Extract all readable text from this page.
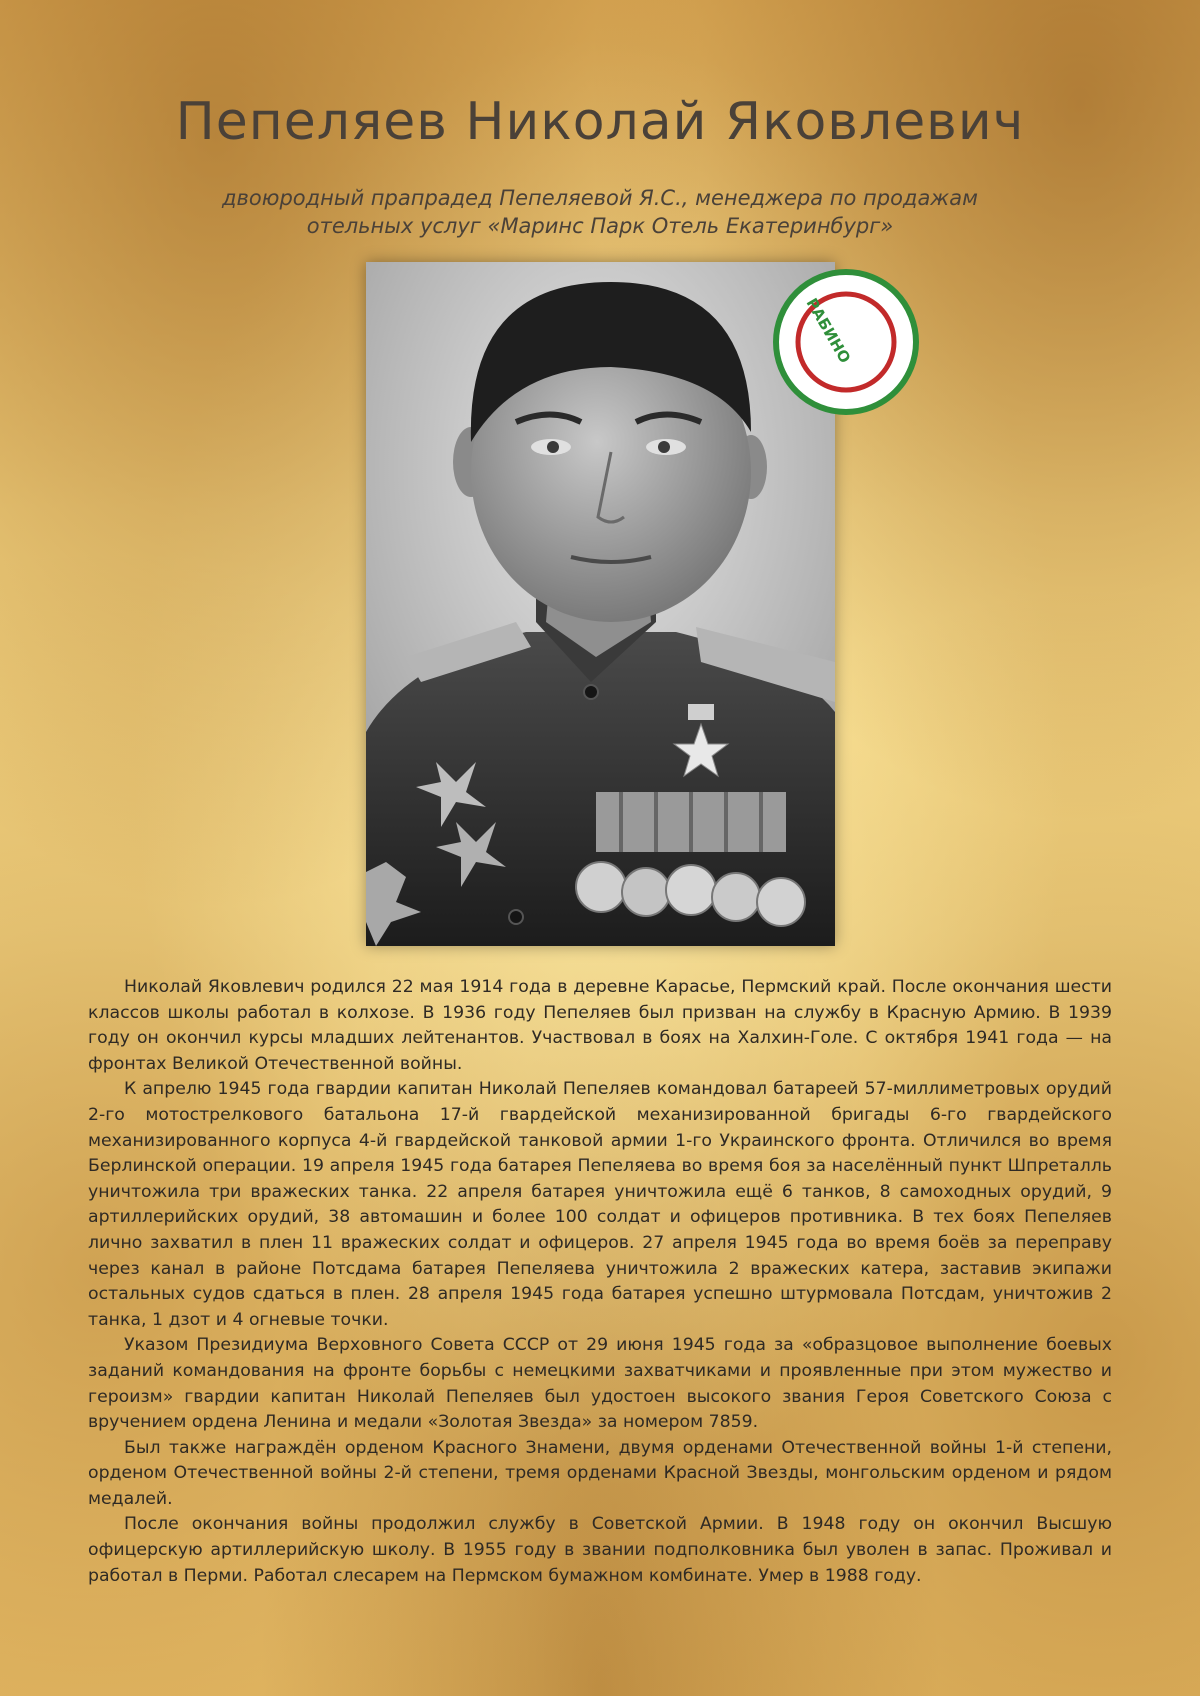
Пепеляев Николай Яковлевич
двоюродный прапрадед Пепеляевой Я.С., менеджера по продажам
отельных услуг «Маринс Парк Отель Екатеринбург»
РАБИНО

Николай Яковлевич родился 22 мая 1914 года в деревне Карасье, Пермский край. После окончания шести классов школы работал в колхозе. В 1936 году Пепеляев был призван на службу в Красную Армию. В 1939 году он окончил курсы младших лейтенантов. Участвовал в боях на Халхин-Голе. С октября 1941 года — на фронтах Великой Отечественной войны.

К апрелю 1945 года гвардии капитан Николай Пепеляев командовал батареей 57-миллиметровых орудий 2-го мотострелкового батальона 17-й гвардейской механизированной бригады 6-го гвардейского механизированного корпуса 4-й гвардейской танковой армии 1-го Украинского фронта. Отличился во время Берлинской операции. 19 апреля 1945 года батарея Пепеляева во время боя за населённый пункт Шпреталль уничтожила три вражеских танка. 22 апреля батарея уничтожила ещё 6 танков, 8 самоходных орудий, 9 артиллерийских орудий, 38 автомашин и более 100 солдат и офицеров противника. В тех боях Пепеляев лично захватил в плен 11 вражеских солдат и офицеров. 27 апреля 1945 года во время боёв за переправу через канал в районе Потсдама батарея Пепеляева уничтожила 2 вражеских катера, заставив экипажи остальных судов сдаться в плен. 28 апреля 1945 года батарея успешно штурмовала Потсдам, уничтожив 2 танка, 1 дзот и 4 огневые точки.

Указом Президиума Верховного Совета СССР от 29 июня 1945 года за «образцовое выполнение боевых заданий командования на фронте борьбы с немецкими захватчиками и проявленные при этом мужество и героизм» гвардии капитан Николай Пепеляев был удостоен высокого звания Героя Советского Союза с вручением ордена Ленина и медали «Золотая Звезда» за номером 7859.

Был также награждён орденом Красного Знамени, двумя орденами Отечественной войны 1-й степени, орденом Отечественной войны 2-й степени, тремя орденами Красной Звезды, монгольским орденом и рядом медалей.

После окончания войны продолжил службу в Советской Армии. В 1948 году он окончил Высшую офицерскую артиллерийскую школу. В 1955 году в звании подполковника был уволен в запас. Проживал и работал в Перми. Работал слесарем на Пермском бумажном комбинате. Умер в 1988 году.
